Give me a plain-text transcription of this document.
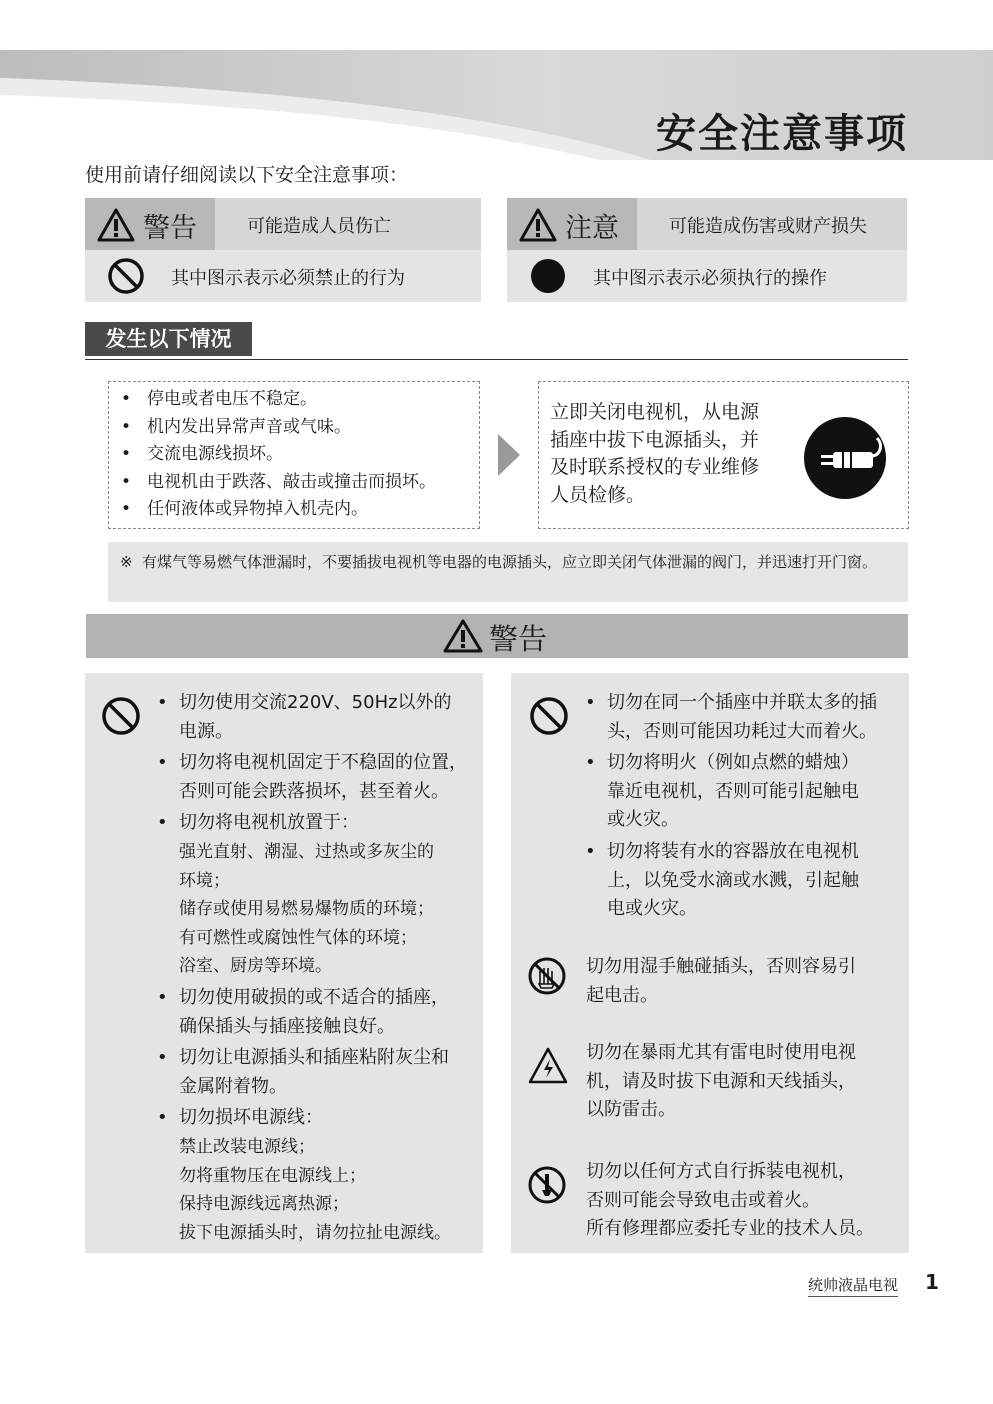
安全注意事项
使用前请仔细阅读以下安全注意事项：
警告	可能造成人员伤亡
其中图示表示必须禁止的行为
注意	可能造成伤害或财产损失
其中图示表示必须执行的操作
发生以下情况
• 停电或者电压不稳定。
• 机内发出异常声音或气味。
• 交流电源线损坏。
• 电视机由于跌落、敲击或撞击而损坏。
• 任何液体或异物掉入机壳内。
立即关闭电视机，从电源
插座中拔下电源插头，并
及时联系授权的专业维修
人员检修。
※ 有煤气等易燃气体泄漏时，不要插拔电视机等电器的电源插头，应立即关闭气体泄漏的阀门，并迅速打开门窗。
警告
• 切勿使用交流220V、50Hz以外的
电源。
• 切勿将电视机固定于不稳固的位置，
否则可能会跌落损坏，甚至着火。
• 切勿将电视机放置于：
强光直射、潮湿、过热或多灰尘的
环境；
储存或使用易燃易爆物质的环境；
有可燃性或腐蚀性气体的环境；
浴室、厨房等环境。
• 切勿使用破损的或不适合的插座，
确保插头与插座接触良好。
• 切勿让电源插头和插座粘附灰尘和
金属附着物。
• 切勿损坏电源线：
禁止改装电源线；
勿将重物压在电源线上；
保持电源线远离热源；
拔下电源插头时，请勿拉扯电源线。
• 切勿在同一个插座中并联太多的插
头，否则可能因功耗过大而着火。
• 切勿将明火（例如点燃的蜡烛）
靠近电视机，否则可能引起触电
或火灾。
• 切勿将装有水的容器放在电视机
上，以免受水滴或水溅，引起触
电或火灾。
切勿用湿手触碰插头，否则容易引
起电击。
切勿在暴雨尤其有雷电时使用电视
机，请及时拔下电源和天线插头，
以防雷击。
切勿以任何方式自行拆装电视机，
否则可能会导致电击或着火。
所有修理都应委托专业的技术人员。
统帅液晶电视 1
